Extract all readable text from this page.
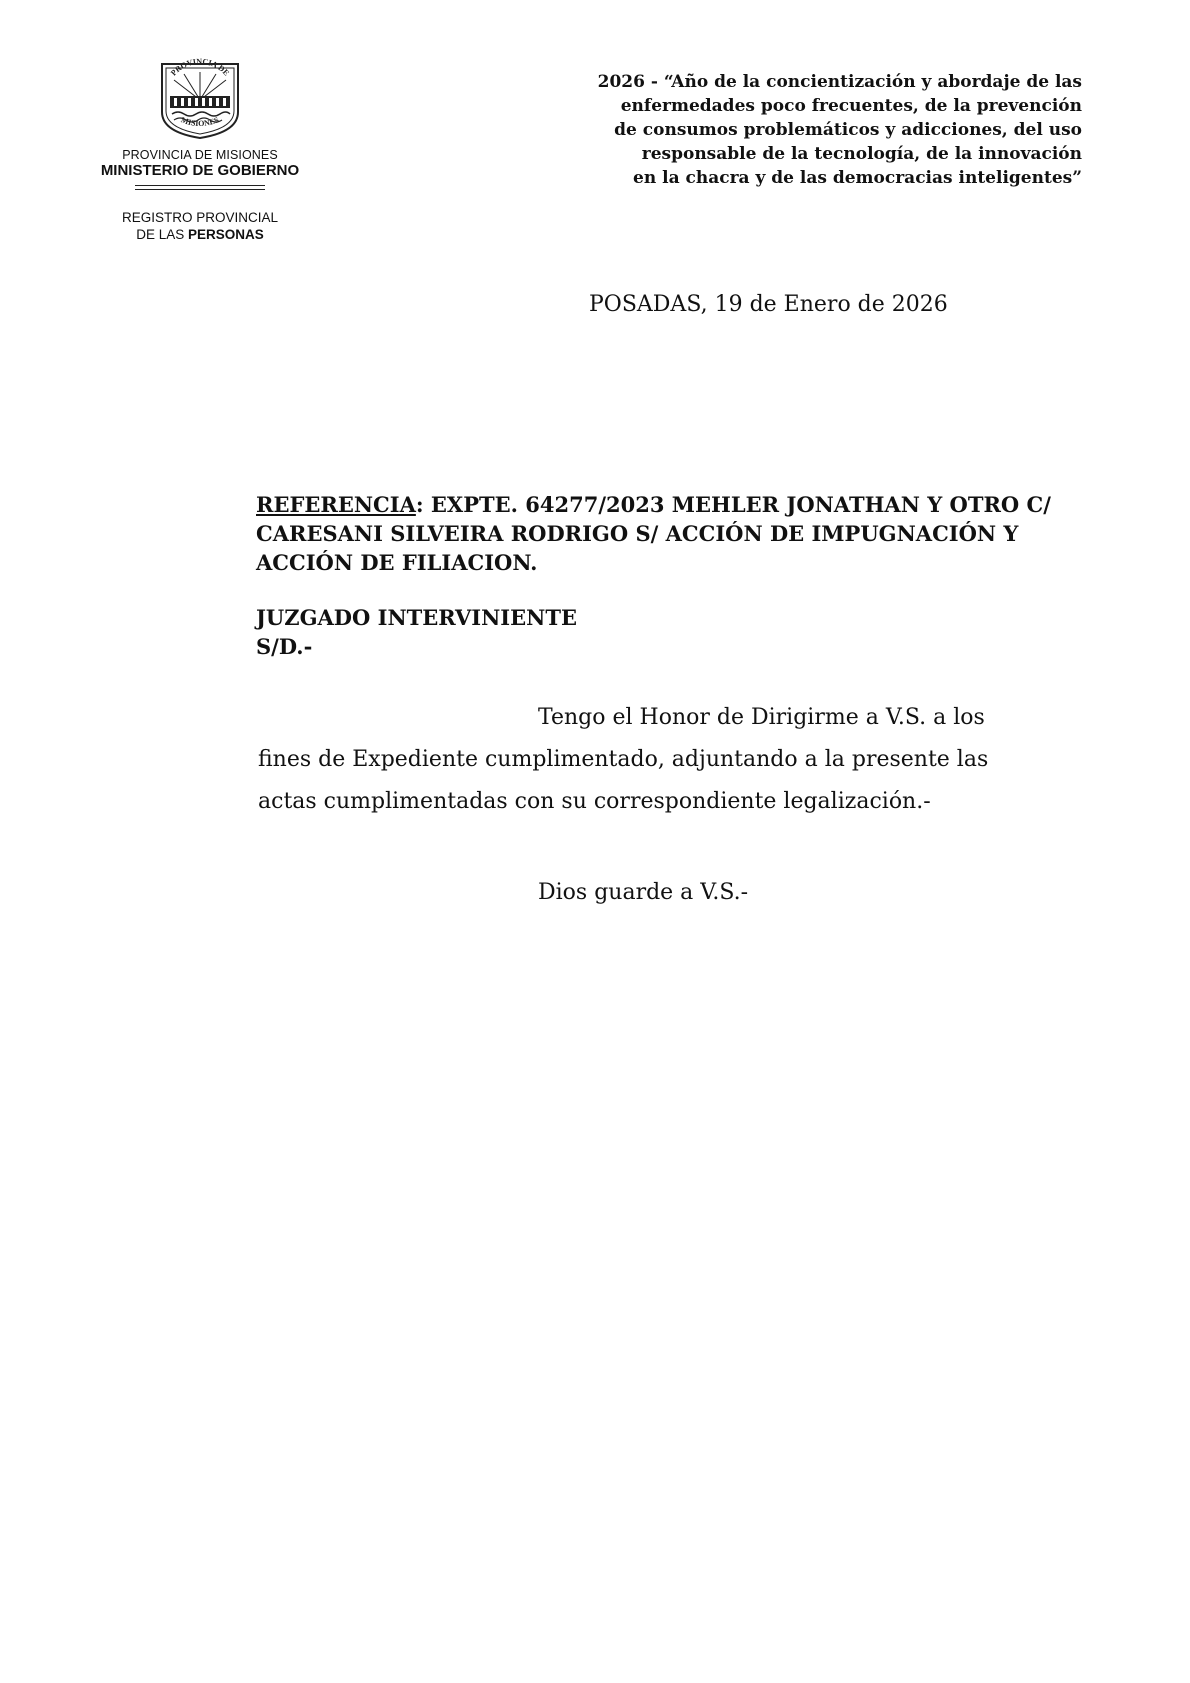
PROVINCIA DE
MISIONES
PROVINCIA DE MISIONES
MINISTERIO DE GOBIERNO
REGISTRO PROVINCIAL
DE LAS PERSONAS
2026 - “Año de la concientización y abordaje de las
enfermedades poco frecuentes, de la prevención
de consumos problemáticos y adicciones, del uso
responsable de la tecnología, de la innovación
en la chacra y de las democracias inteligentes”
POSADAS, 19 de Enero de 2026
REFERENCIA: EXPTE. 64277/2023 MEHLER JONATHAN Y OTRO C/
CARESANI SILVEIRA RODRIGO S/ ACCIÓN DE IMPUGNACIÓN Y
ACCIÓN DE FILIACION.
JUZGADO INTERVINIENTE
S/D.-
Tengo el Honor de Dirigirme a V.S. a los
fines de Expediente cumplimentado, adjuntando a la presente las
actas cumplimentadas con su correspondiente legalización.-
Dios guarde a V.S.-
